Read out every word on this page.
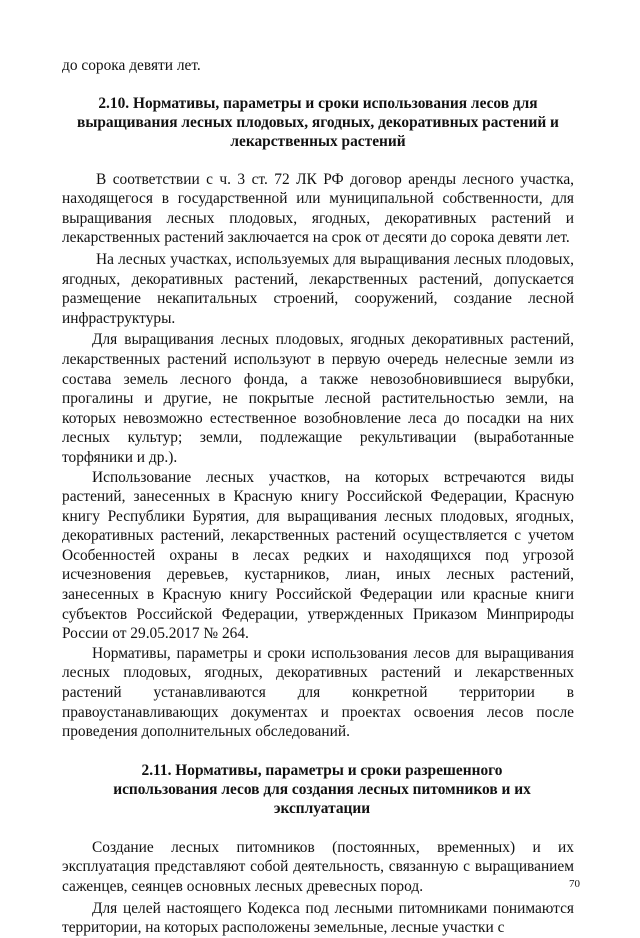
до сорока девяти лет.

2.10. Нормативы, параметры и сроки использования лесов для выращивания лесных плодовых, ягодных, декоративных растений и лекарственных растений

В соответствии с ч. 3 ст. 72 ЛК РФ договор аренды лесного участка, находящегося в государственной или муниципальной собственности, для выращивания лесных плодовых, ягодных, декоративных растений и лекарственных растений заключается на срок от десяти до сорока девяти лет.

На лесных участках, используемых для выращивания лесных плодовых, ягодных, декоративных растений, лекарственных растений, допускается размещение некапитальных строений, сооружений, создание лесной инфраструктуры.

Для выращивания лесных плодовых, ягодных декоративных растений, лекарственных растений используют в первую очередь нелесные земли из состава земель лесного фонда, а также невозобновившиеся вырубки, прогалины и другие, не покрытые лесной растительностью земли, на которых невозможно естественное возобновление леса до посадки на них лесных культур; земли, подлежащие рекультивации (выработанные торфяники и др.).

Использование лесных участков, на которых встречаются виды растений, занесенных в Красную книгу Российской Федерации, Красную книгу Республики Бурятия, для выращивания лесных плодовых, ягодных, декоративных растений, лекарственных растений осуществляется с учетом Особенностей охраны в лесах редких и находящихся под угрозой исчезновения деревьев, кустарников, лиан, иных лесных растений, занесенных в Красную книгу Российской Федерации или красные книги субъектов Российской Федерации, утвержденных Приказом Минприроды России от 29.05.2017 № 264.

Нормативы, параметры и сроки использования лесов для выращивания лесных плодовых, ягодных, декоративных растений и лекарственных растений устанавливаются для конкретной территории в правоустанавливающих документах и проектах освоения лесов после проведения дополнительных обследований.

2.11. Нормативы, параметры и сроки разрешенного использования лесов для создания лесных питомников и их эксплуатации

Создание лесных питомников (постоянных, временных) и их эксплуатация представляют собой деятельность, связанную с выращиванием саженцев, сеянцев основных лесных древесных пород.

Для целей настоящего Кодекса под лесными питомниками понимаются территории, на которых расположены земельные, лесные участки с

70
